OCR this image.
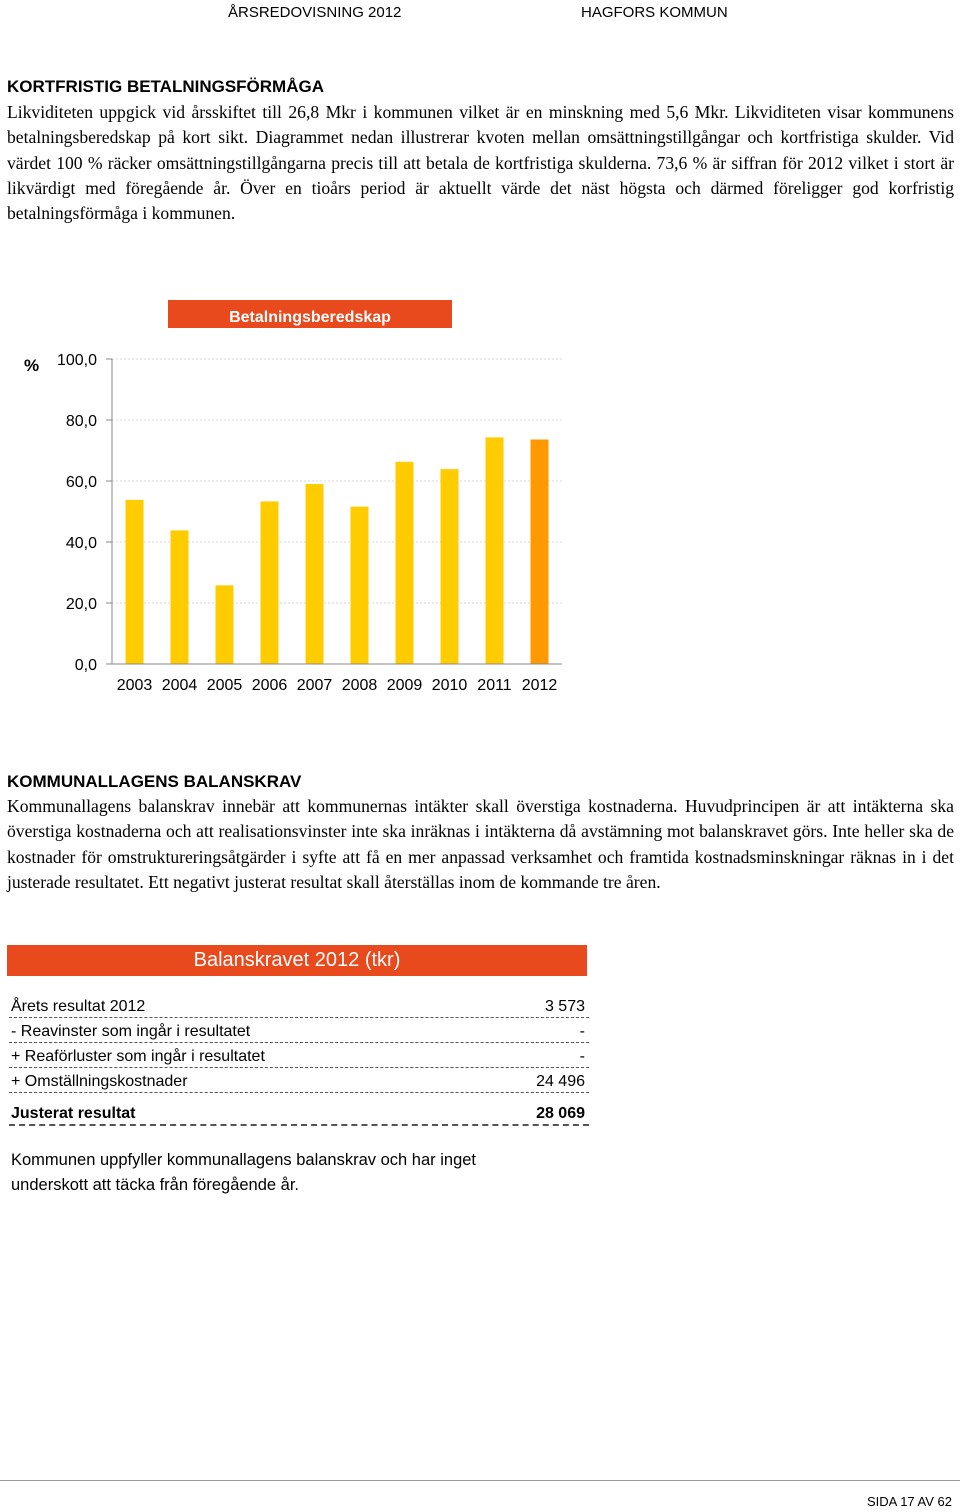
ÅRSREDOVISNING 2012	HAGFORS KOMMUN
KORTFRISTIG BETALNINGSFÖRMÅGA

Likviditeten uppgick vid årsskiftet till 26,8 Mkr i kommunen vilket är en minskning med 5,6 Mkr. Likviditeten visar kommunens betalningsberedskap på kort sikt. Diagrammet nedan illustrerar kvoten mellan omsättningstillgångar och kortfristiga skulder. Vid värdet 100 % räcker omsättningstillgångarna precis till att betala de kortfristiga skulderna. 73,6 % är siffran för 2012 vilket i stort är likvärdigt med föregående år. Över en tioårs period är aktuellt värde det näst högsta och därmed föreligger god korfristig betalningsförmåga i kommunen.

Betalningsberedskap
% 100,0
80,0
60,0
40,0
20,0
0,0
2003 2004 2005 2006 2007 2008 2009 2010 2011 2012
KOMMUNALLAGENS BALANSKRAV

Kommunallagens balanskrav innebär att kommunernas intäkter skall överstiga kostnaderna. Huvudprincipen är att intäkterna ska överstiga kostnaderna och att realisationsvinster inte ska inräknas i intäkterna då avstämning mot balanskravet görs. Inte heller ska de kostnader för omstruktureringsåtgärder i syfte att få en mer anpassad verksamhet och framtida kostnadsminskningar räknas in i det justerade resultatet. Ett negativt justerat resultat skall återställas inom de kommande tre åren.

Balanskravet 2012 (tkr)
Årets resultat 2012	3 573
- Reavinster som ingår i resultatet	-
+ Reaförluster som ingår i resultatet	-
+ Omställningskostnader	24 496
Justerat resultat	28 069

Kommunen uppfyller kommunallagens balanskrav och har inget underskott att täcka från föregående år.

SIDA 17 AV 62
